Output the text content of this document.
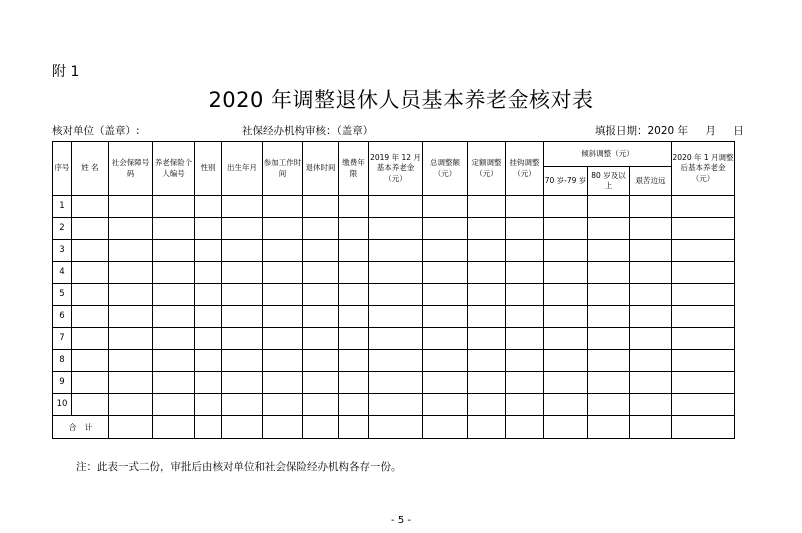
附 1
2020 年调整退休人员基本养老金核对表
核对单位（盖章）:	社保经办机构审核：（盖章）	填报日期：2020 年 月 日
序号	姓 名	社会保障号码	养老保险个人编号	性别	出生年月	参加工作时间	退休时间	缴费年限	2019 年 12 月基本养老金（元）	总调整额（元）	定额调整（元）	挂钩调整（元）	倾斜调整（元）			2020 年 1 月调整后基本养老金（元）
													70 岁-79 岁	80 岁及以上	艰苦边远	
1																
2																
3																
4																
5																
6																
7																
8																
9																
10																
合　计																
注：此表一式二份，审批后由核对单位和社会保险经办机构各存一份。
- 5 -
